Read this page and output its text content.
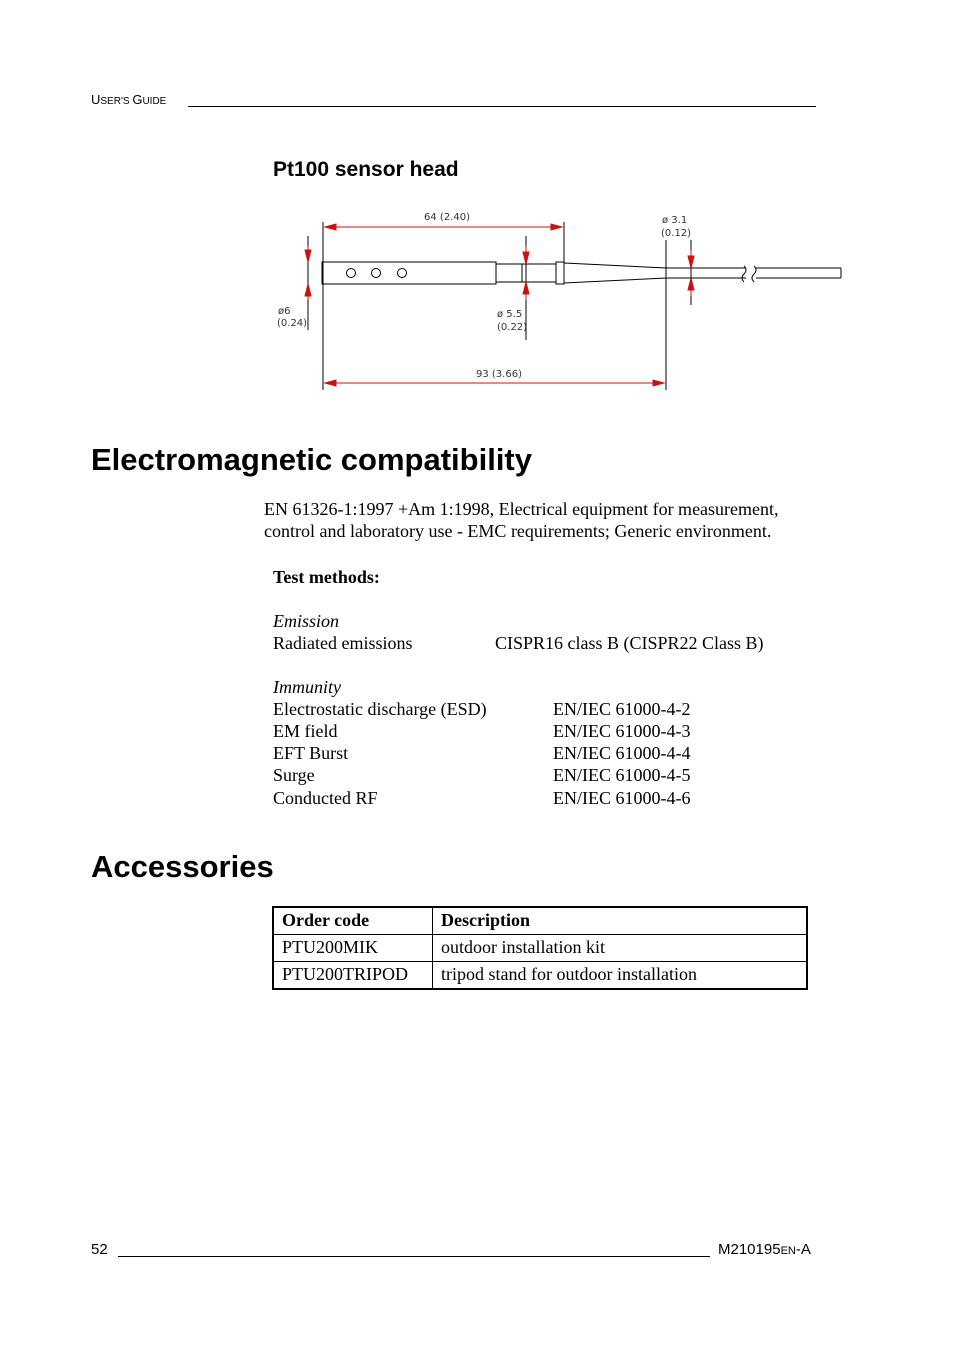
USER'S GUIDE
Pt100 sensor head
64 (2.40)	ø 3.1
(0.12)
ø6
(0.24)
ø 5.5
(0.22)
93 (3.66)
Electromagnetic compatibility
EN 61326-1:1997 +Am 1:1998, Electrical equipment for measurement,
control and laboratory use - EMC requirements; Generic environment.
Test methods:
Emission
Radiated emissions	CISPR16 class B (CISPR22 Class B)
Immunity
Electrostatic discharge (ESD)	EN/IEC 61000-4-2
EM field	EN/IEC 61000-4-3
EFT Burst	EN/IEC 61000-4-4
Surge	EN/IEC 61000-4-5
Conducted RF	EN/IEC 61000-4-6
Accessories
Order code	Description
PTU200MIK	outdoor installation kit
PTU200TRIPOD	tripod stand for outdoor installation
52	M210195EN-A
